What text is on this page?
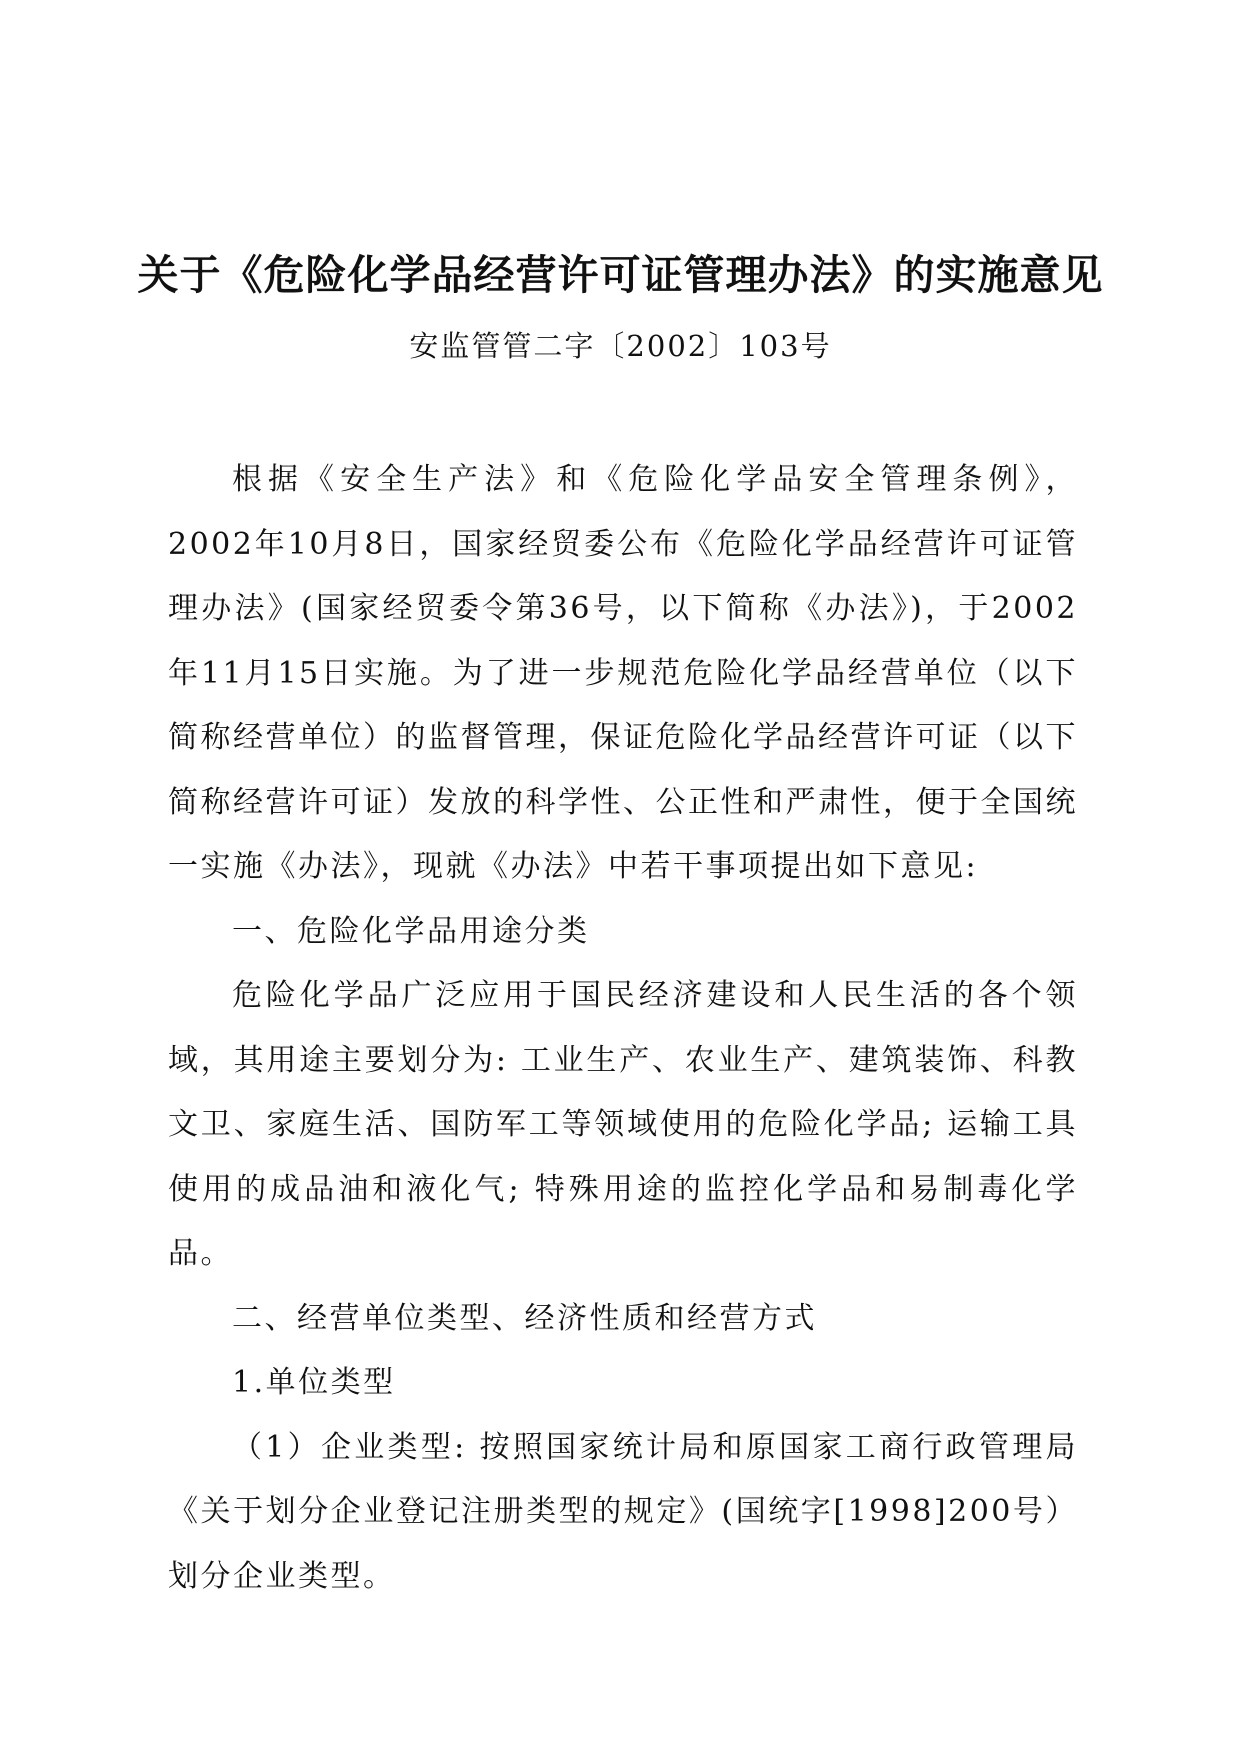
关于《危险化学品经营许可证管理办法》的实施意见
安监管管二字〔2002〕103号

根据《安全生产法》和《危险化学品安全管理条例》，2002年10月8日，国家经贸委公布《危险化学品经营许可证管理办法》(国家经贸委令第36号，以下简称《办法》)，于2002年11月15日实施。为了进一步规范危险化学品经营单位（以下简称经营单位）的监督管理，保证危险化学品经营许可证（以下简称经营许可证）发放的科学性、公正性和严肃性，便于全国统一实施《办法》，现就《办法》中若干事项提出如下意见:

一、危险化学品用途分类

危险化学品广泛应用于国民经济建设和人民生活的各个领域，其用途主要划分为: 工业生产、农业生产、建筑装饰、科教文卫、家庭生活、国防军工等领域使用的危险化学品; 运输工具使用的成品油和液化气; 特殊用途的监控化学品和易制毒化学品。

二、经营单位类型、经济性质和经营方式

1.单位类型

（1）企业类型: 按照国家统计局和原国家工商行政管理局《关于划分企业登记注册类型的规定》(国统字[1998]200号）划分企业类型。
